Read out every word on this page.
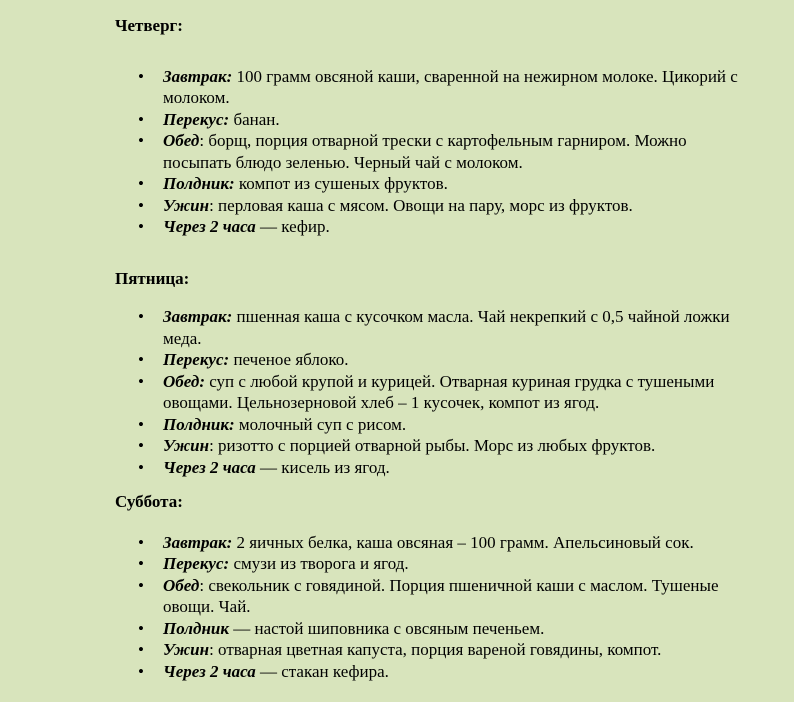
Четверг:

• Завтрак: 100 грамм овсяной каши, сваренной на нежирном молоке. Цикорий с молоком.
• Перекус: банан.
• Обед: борщ, порция отварной трески с картофельным гарниром. Можно посыпать блюдо зеленью. Черный чай с молоком.
• Полдник: компот из сушеных фруктов.
• Ужин: перловая каша с мясом. Овощи на пару, морс из фруктов.
• Через 2 часа — кефир.

Пятница:

• Завтрак: пшенная каша с кусочком масла. Чай некрепкий с 0,5 чайной ложки меда.
• Перекус: печеное яблоко.
• Обед: суп с любой крупой и курицей. Отварная куриная грудка с тушеными овощами. Цельнозерновой хлеб – 1 кусочек, компот из ягод.
• Полдник: молочный суп с рисом.
• Ужин: ризотто с порцией отварной рыбы. Морс из любых фруктов.
• Через 2 часа — кисель из ягод.

Суббота:

• Завтрак: 2 яичных белка, каша овсяная – 100 грамм. Апельсиновый сок.
• Перекус: смузи из творога и ягод.
• Обед: свекольник с говядиной. Порция пшеничной каши с маслом. Тушеные овощи. Чай.
• Полдник — настой шиповника с овсяным печеньем.
• Ужин: отварная цветная капуста, порция вареной говядины, компот.
• Через 2 часа — стакан кефира.
